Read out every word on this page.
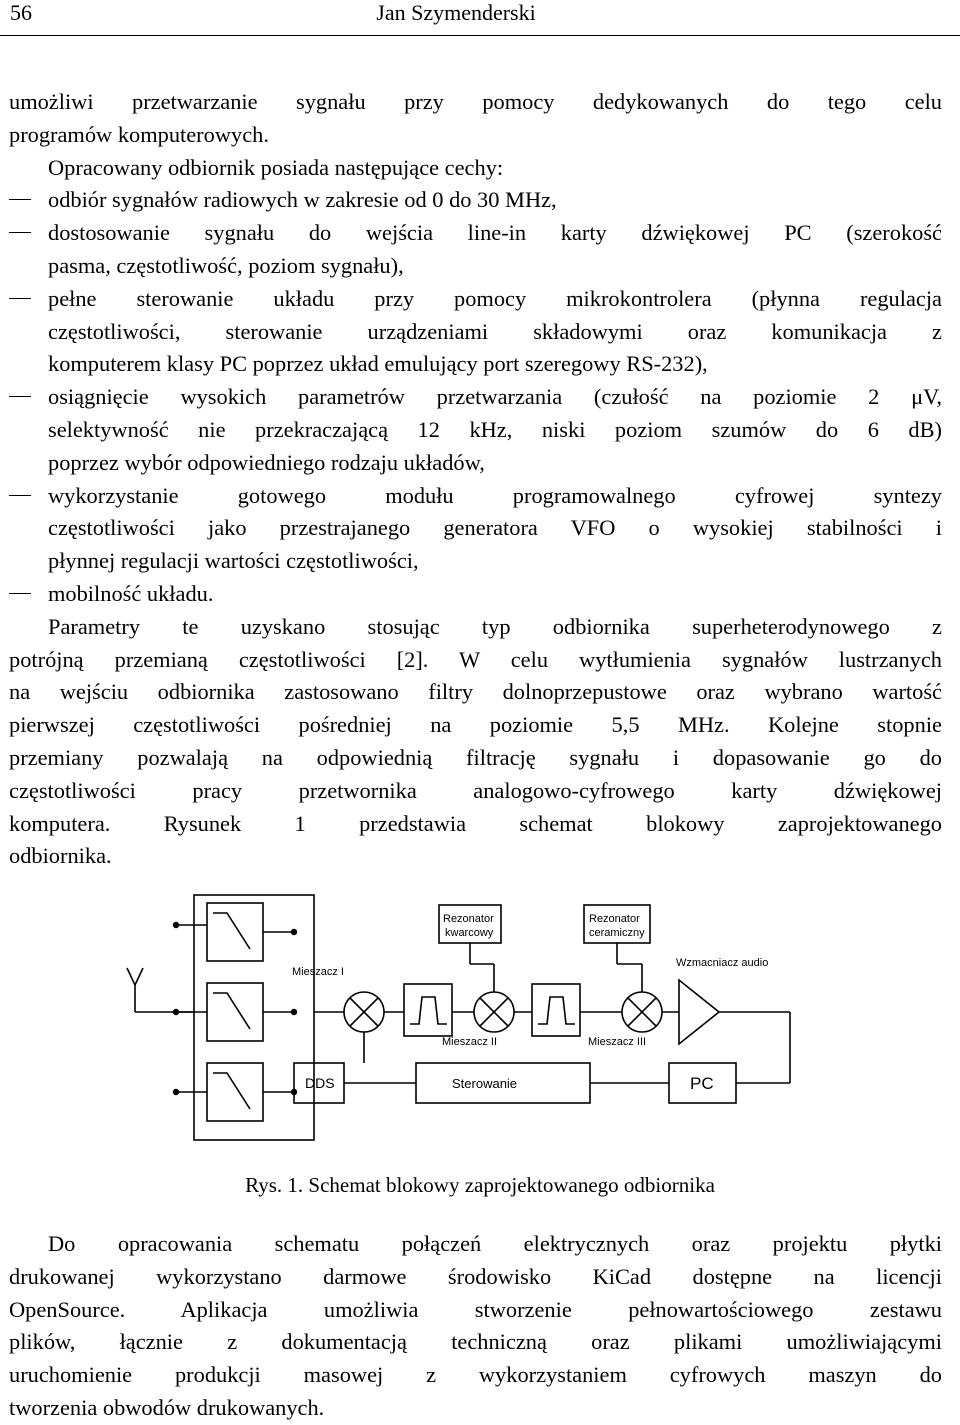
56	Jan Szymenderski
umożliwi przetwarzanie sygnału przy pomocy dedykowanych do tego celu
programów komputerowych.
Opracowany odbiornik posiada następujące cechy:
odbiór sygnałów radiowych w zakresie od 0 do 30 MHz,
dostosowanie sygnału do wejścia line-in karty dźwiękowej PC (szerokość
pasma, częstotliwość, poziom sygnału),
pełne sterowanie układu przy pomocy mikrokontrolera (płynna regulacja
częstotliwości, sterowanie urządzeniami składowymi oraz komunikacja z
komputerem klasy PC poprzez układ emulujący port szeregowy RS-232),
osiągnięcie wysokich parametrów przetwarzania (czułość na poziomie 2 μV,
selektywność nie przekraczającą 12 kHz, niski poziom szumów do 6 dB)
poprzez wybór odpowiedniego rodzaju układów,
wykorzystanie gotowego modułu programowalnego cyfrowej syntezy
częstotliwości jako przestrajanego generatora VFO o wysokiej stabilności i
płynnej regulacji wartości częstotliwości,
mobilność układu.
Parametry te uzyskano stosując typ odbiornika superheterodynowego z
potrójną przemianą częstotliwości [2]. W celu wytłumienia sygnałów lustrzanych
na wejściu odbiornika zastosowano filtry dolnoprzepustowe oraz wybrano wartość
pierwszej częstotliwości pośredniej na poziomie 5,5 MHz. Kolejne stopnie
przemiany pozwalają na odpowiednią filtrację sygnału i dopasowanie go do
częstotliwości pracy przetwornika analogowo-cyfrowego karty dźwiękowej
komputera. Rysunek 1 przedstawia schemat blokowy zaprojektowanego
odbiornika.
Mieszacz I
Mieszacz II	Mieszacz III
Rezonator
kwarcowy
Rezonator
ceramiczny
Wzmacniacz audio
DDS	Sterowanie	PC
Rys. 1. Schemat blokowy zaprojektowanego odbiornika
Do opracowania schematu połączeń elektrycznych oraz projektu płytki
drukowanej wykorzystano darmowe środowisko KiCad dostępne na licencji
OpenSource. Aplikacja umożliwia stworzenie pełnowartościowego zestawu
plików, łącznie z dokumentacją techniczną oraz plikami umożliwiającymi
uruchomienie produkcji masowej z wykorzystaniem cyfrowych maszyn do
tworzenia obwodów drukowanych.
